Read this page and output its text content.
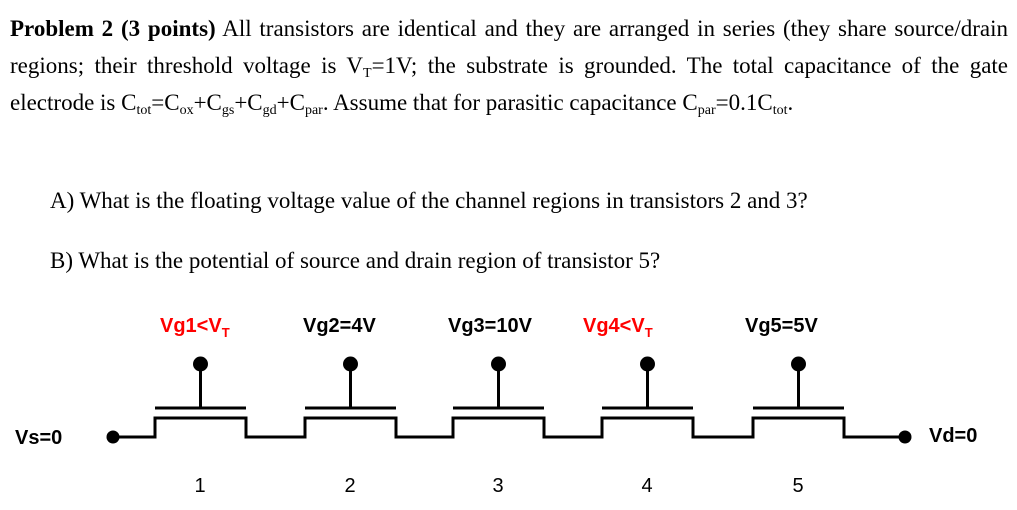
Problem 2 (3 points) All transistors are identical and they are arranged in series (they share source/drain regions; their threshold voltage is $V_T=1V$; the substrate is grounded. The total capacitance of the gate electrode is $C_{tot}=C_{ox}+C_{gs}+C_{gd}+C_{par}$. Assume that for parasitic capacitance $C_{par}=0.1C_{tot}$.
A) What is the floating voltage value of the channel regions in transistors 2 and 3?
B) What is the potential of source and drain region of transistor 5?
$Vg1<V_T$
1
Vg2=4V
2
Vg3=10V
3
$Vg4<V_T$
4
Vg5=5V
5
Vs=0	Vd=0
